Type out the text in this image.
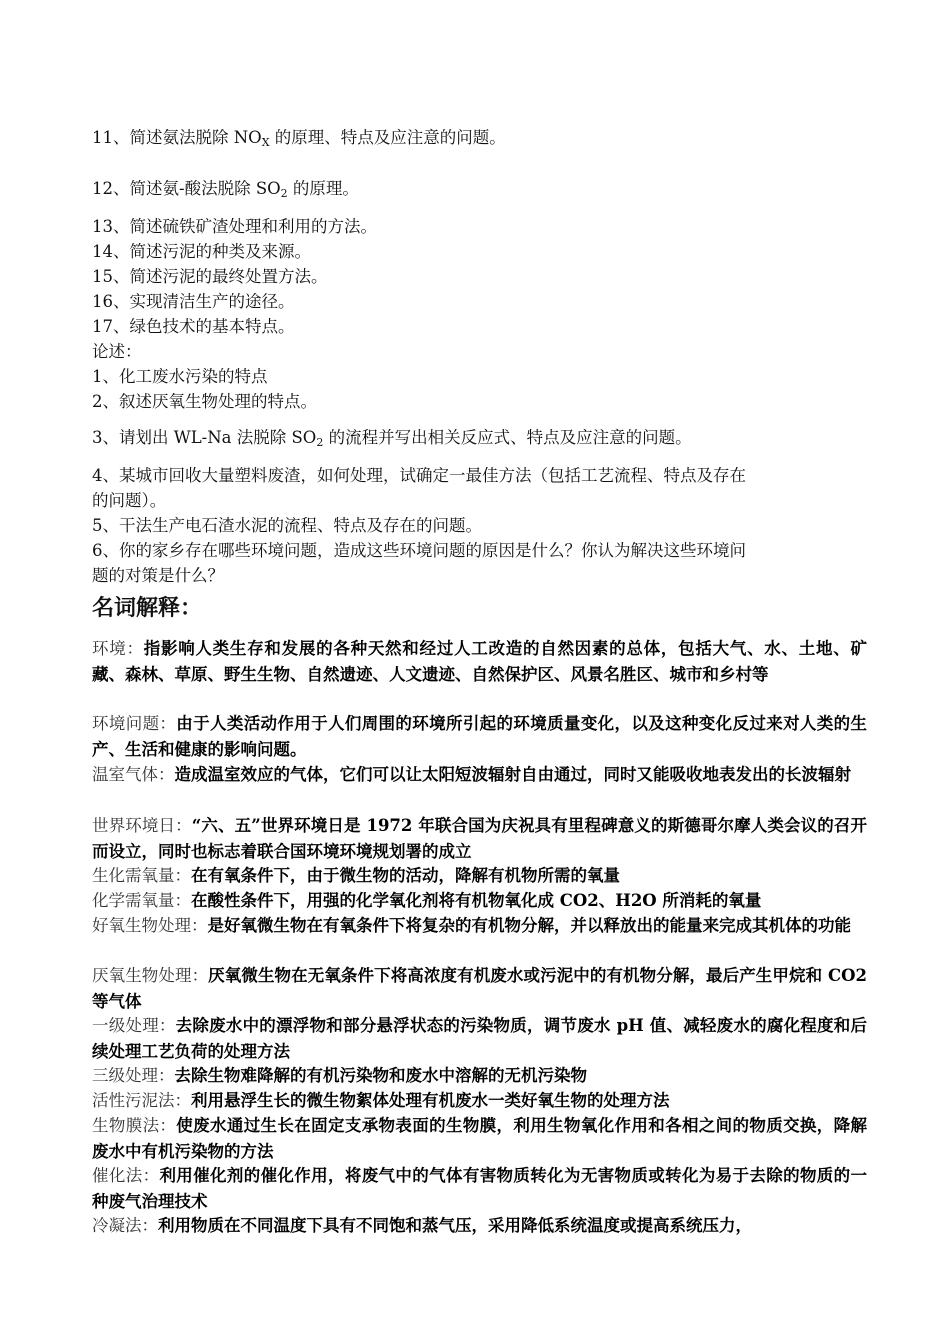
11、简述氨法脱除 $NO_X$ 的原理、特点及应注意的问题。
12、简述氨-酸法脱除 $SO_2$ 的原理。
13、简述硫铁矿渣处理和利用的方法。
14、简述污泥的种类及来源。
15、简述污泥的最终处置方法。
16、实现清洁生产的途径。
17、绿色技术的基本特点。
论述：
1、化工废水污染的特点
2、叙述厌氧生物处理的特点。
3、请划出 WL-Na 法脱除 $SO_2$ 的流程并写出相关反应式、特点及应注意的问题。
4、某城市回收大量塑料废渣，如何处理，试确定一最佳方法（包括工艺流程、特点及存在
的问题）。
5、干法生产电石渣水泥的流程、特点及存在的问题。
6、你的家乡存在哪些环境问题，造成这些环境问题的原因是什么？你认为解决这些环境问
题的对策是什么？
名词解释：
环境：指影响人类生存和发展的各种天然和经过人工改造的自然因素的总体，包括大气、水、土地、矿藏、森林、草原、野生生物、自然遗迹、人文遗迹、自然保护区、风景名胜区、城市和乡村等
环境问题：由于人类活动作用于人们周围的环境所引起的环境质量变化，以及这种变化反过来对人类的生产、生活和健康的影响问题。
温室气体：造成温室效应的气体，它们可以让太阳短波辐射自由通过，同时又能吸收地表发出的长波辐射
世界环境日：“六、五”世界环境日是 1972 年联合国为庆祝具有里程碑意义的斯德哥尔摩人类会议的召开而设立，同时也标志着联合国环境环境规划署的成立
生化需氧量：在有氧条件下，由于微生物的活动，降解有机物所需的氧量
化学需氧量：在酸性条件下，用强的化学氧化剂将有机物氧化成 CO2、H2O 所消耗的氧量
好氧生物处理：是好氧微生物在有氧条件下将复杂的有机物分解，并以释放出的能量来完成其机体的功能
厌氧生物处理：厌氧微生物在无氧条件下将高浓度有机废水或污泥中的有机物分解，最后产生甲烷和 CO2 等气体
一级处理：去除废水中的漂浮物和部分悬浮状态的污染物质，调节废水 pH 值、减轻废水的腐化程度和后续处理工艺负荷的处理方法
三级处理：去除生物难降解的有机污染物和废水中溶解的无机污染物
活性污泥法：利用悬浮生长的微生物絮体处理有机废水一类好氧生物的处理方法
生物膜法：使废水通过生长在固定支承物表面的生物膜，利用生物氧化作用和各相之间的物质交换，降解废水中有机污染物的方法
催化法：利用催化剂的催化作用，将废气中的气体有害物质转化为无害物质或转化为易于去除的物质的一种废气治理技术
冷凝法：利用物质在不同温度下具有不同饱和蒸气压，采用降低系统温度或提高系统压力，
